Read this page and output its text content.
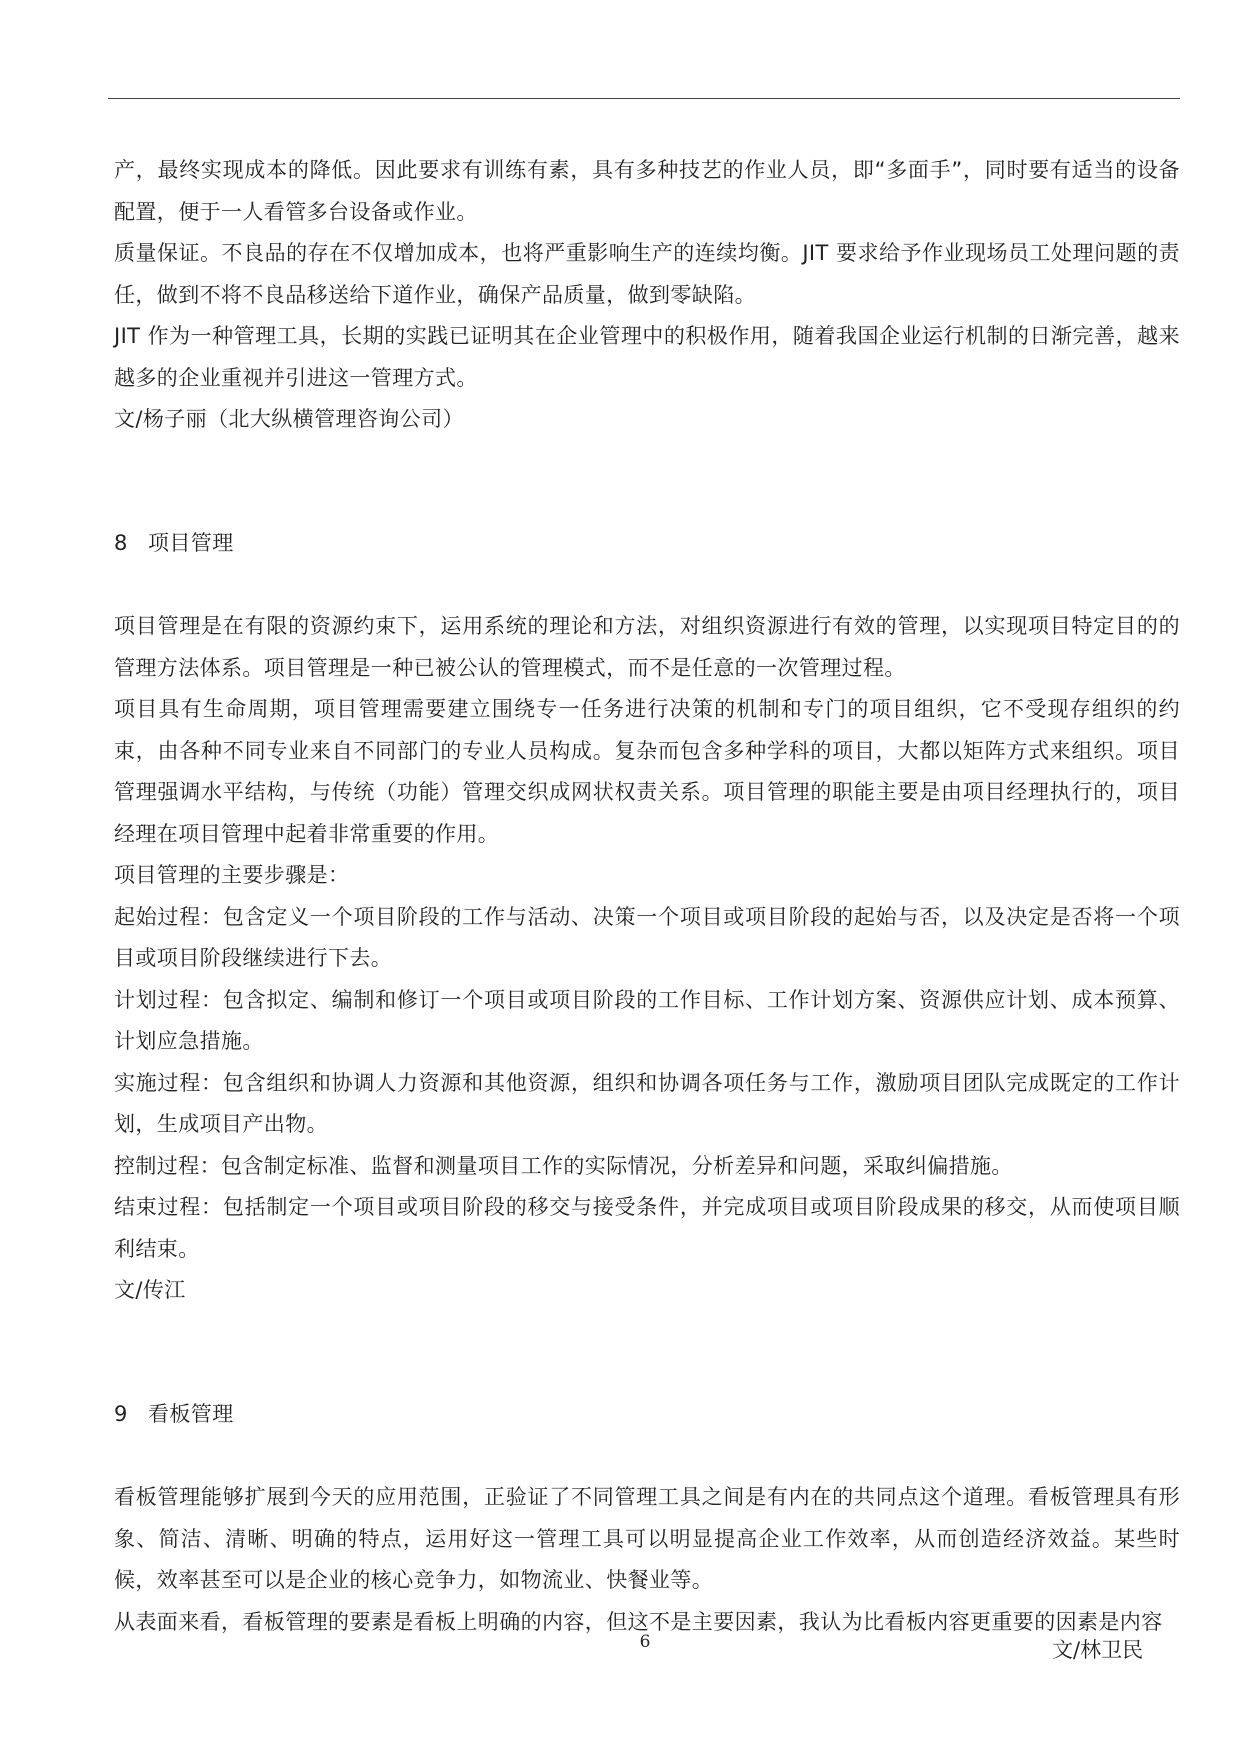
产，最终实现成本的降低。因此要求有训练有素，具有多种技艺的作业人员，即“多面手”，同时要有适当的设备配置，便于一人看管多台设备或作业。

质量保证。不良品的存在不仅增加成本，也将严重影响生产的连续均衡。JIT 要求给予作业现场员工处理问题的责任，做到不将不良品移送给下道作业，确保产品质量，做到零缺陷。

JIT 作为一种管理工具，长期的实践已证明其在企业管理中的积极作用，随着我国企业运行机制的日渐完善，越来越多的企业重视并引进这一管理方式。

文/杨子丽（北大纵横管理咨询公司）

8 项目管理

项目管理是在有限的资源约束下，运用系统的理论和方法，对组织资源进行有效的管理，以实现项目特定目的的管理方法体系。项目管理是一种已被公认的管理模式，而不是任意的一次管理过程。

项目具有生命周期，项目管理需要建立围绕专一任务进行决策的机制和专门的项目组织，它不受现存组织的约束，由各种不同专业来自不同部门的专业人员构成。复杂而包含多种学科的项目，大都以矩阵方式来组织。项目管理强调水平结构，与传统（功能）管理交织成网状权责关系。项目管理的职能主要是由项目经理执行的，项目经理在项目管理中起着非常重要的作用。

项目管理的主要步骤是：

起始过程：包含定义一个项目阶段的工作与活动、决策一个项目或项目阶段的起始与否，以及决定是否将一个项目或项目阶段继续进行下去。

计划过程：包含拟定、编制和修订一个项目或项目阶段的工作目标、工作计划方案、资源供应计划、成本预算、计划应急措施。

实施过程：包含组织和协调人力资源和其他资源，组织和协调各项任务与工作，激励项目团队完成既定的工作计划，生成项目产出物。

控制过程：包含制定标准、监督和测量项目工作的实际情况，分析差异和问题，采取纠偏措施。

结束过程：包括制定一个项目或项目阶段的移交与接受条件，并完成项目或项目阶段成果的移交，从而使项目顺利结束。

文/传江

9 看板管理

看板管理能够扩展到今天的应用范围，正验证了不同管理工具之间是有内在的共同点这个道理。看板管理具有形象、简洁、清晰、明确的特点，运用好这一管理工具可以明显提高企业工作效率，从而创造经济效益。某些时候，效率甚至可以是企业的核心竞争力，如物流业、快餐业等。

从表面来看，看板管理的要素是看板上明确的内容，但这不是主要因素，我认为比看板内容更重要的因素是内容

6	文/林卫民
